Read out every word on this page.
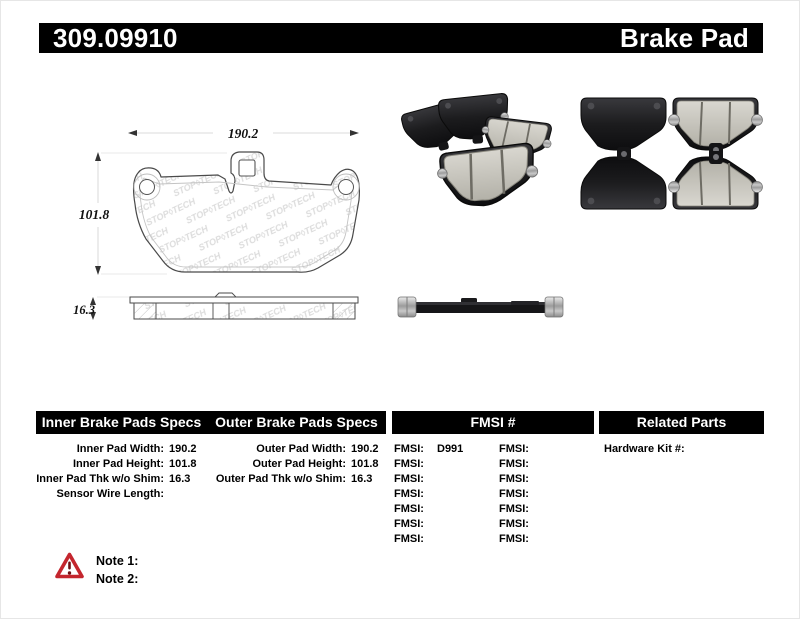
309.09910	Brake Pad
190.2
101.8
16.3
Inner Brake Pads Specs Outer Brake Pads Specs	FMSI #	Related Parts
Inner Pad Width: 190.2
Inner Pad Height: 101.8
Inner Pad Thk w/o Shim: 16.3
Sensor Wire Length:
Outer Pad Width: 190.2
Outer Pad Height: 101.8
Outer Pad Thk w/o Shim: 16.3
FMSI:	D991
FMSI:
FMSI:
FMSI:
FMSI:
FMSI:
FMSI:
FMSI:
FMSI:
FMSI:
FMSI:
FMSI:
FMSI:
FMSI:
Hardware Kit #:
Note 1:
Note 2:
